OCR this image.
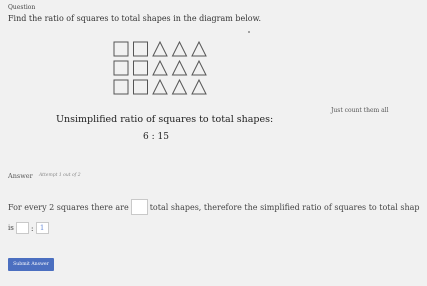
Question
Find the ratio of squares to total shapes in the diagram below.
Unsimplified ratio of squares to total shapes:
Just count them all
6 : 15
Answer Attempt 1 out of 2
For every 2 squares there are	total shapes, therefore the simplified ratio of squares to total shap
is : 1
Submit Answer
